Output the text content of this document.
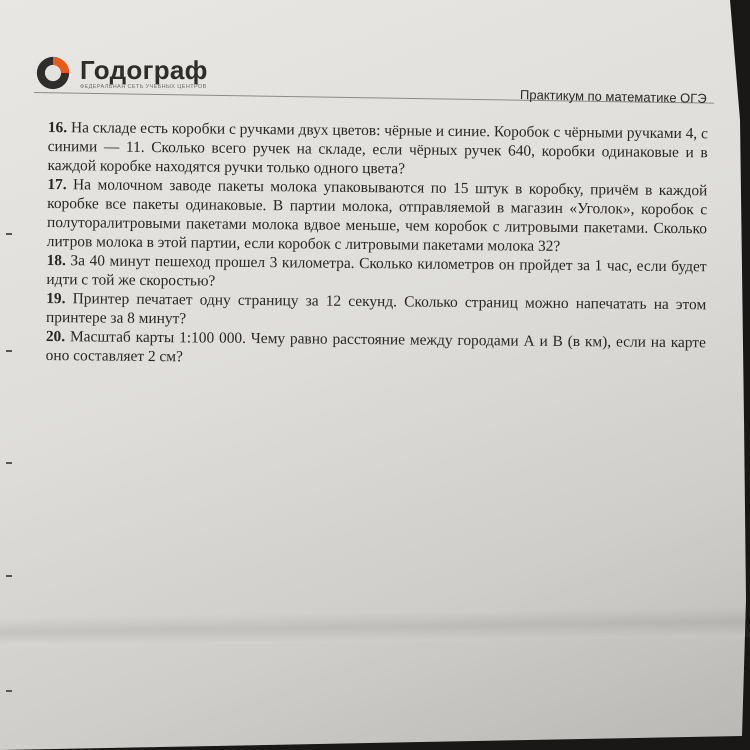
Годограф
ФЕДЕРАЛЬНАЯ СЕТЬ УЧЕБНЫХ ЦЕНТРОВ
Практикум по математике ОГЭ

16. На складе есть коробки с ручками двух цветов: чёрные и синие. Коробок с чёрными ручками 4, с синими — 11. Сколько всего ручек на складе, если чёрных ручек 640, коробки одинаковые и в каждой коробке находятся ручки только одного цвета?

17. На молочном заводе пакеты молока упаковываются по 15 штук в коробку, причём в каждой коробке все пакеты одинаковые. В партии молока, отправляемой в магазин «Уголок», коробок с полуторалитровыми пакетами молока вдвое меньше, чем коробок с литровыми пакетами. Сколько литров молока в этой партии, если коробок с литровыми пакетами молока 32?

18. За 40 минут пешеход прошел 3 километра. Сколько километров он пройдет за 1 час, если будет идти с той же скоростью?

19. Принтер печатает одну страницу за 12 секунд. Сколько страниц можно напечатать на этом принтере за 8 минут?

20. Масштаб карты 1:100 000. Чему равно расстояние между городами А и В (в км), если на карте оно составляет 2 см?
